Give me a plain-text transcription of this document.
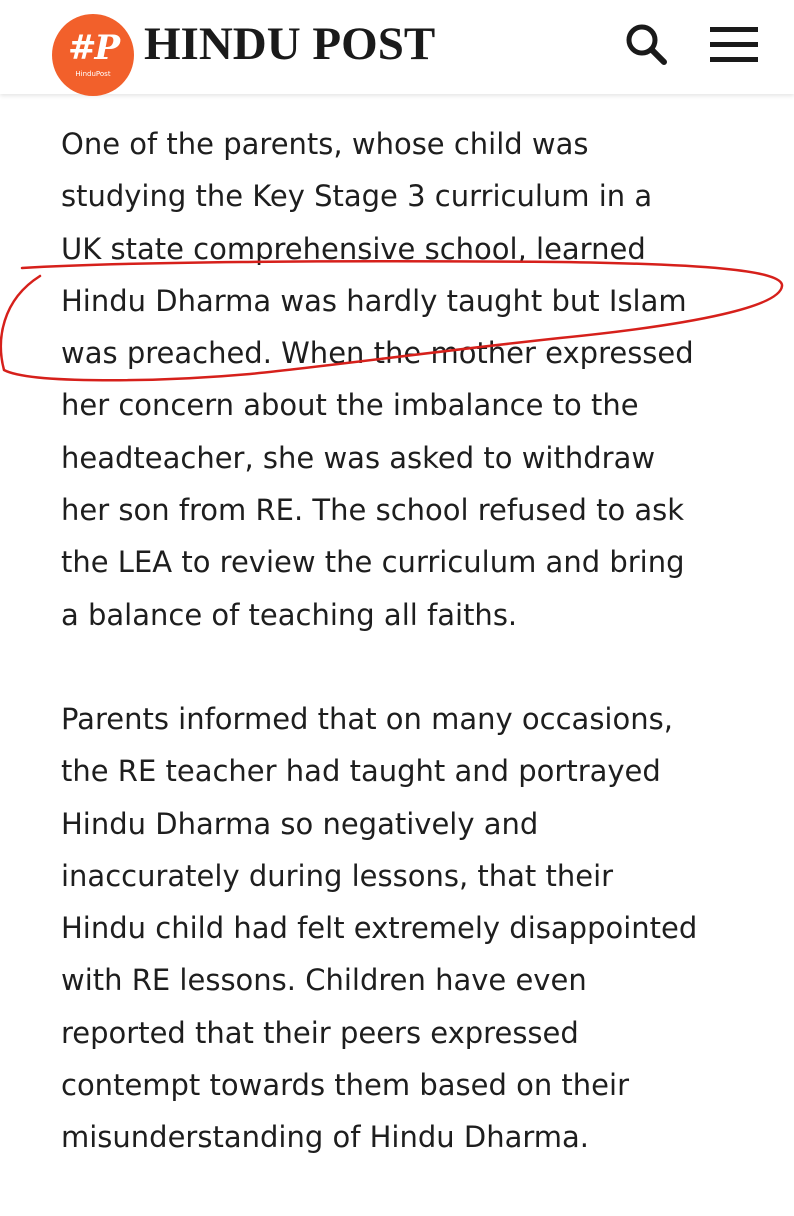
#P
HinduPost
HINDU POST

One of the parents, whose child was
studying the Key Stage 3 curriculum in a
UK state comprehensive school, learned
Hindu Dharma was hardly taught but Islam
was preached. When the mother expressed
her concern about the imbalance to the
headteacher, she was asked to withdraw
her son from RE. The school refused to ask
the LEA to review the curriculum and bring
a balance of teaching all faiths.

Parents informed that on many occasions,
the RE teacher had taught and portrayed
Hindu Dharma so negatively and
inaccurately during lessons, that their
Hindu child had felt extremely disappointed
with RE lessons. Children have even
reported that their peers expressed
contempt towards them based on their
misunderstanding of Hindu Dharma.
